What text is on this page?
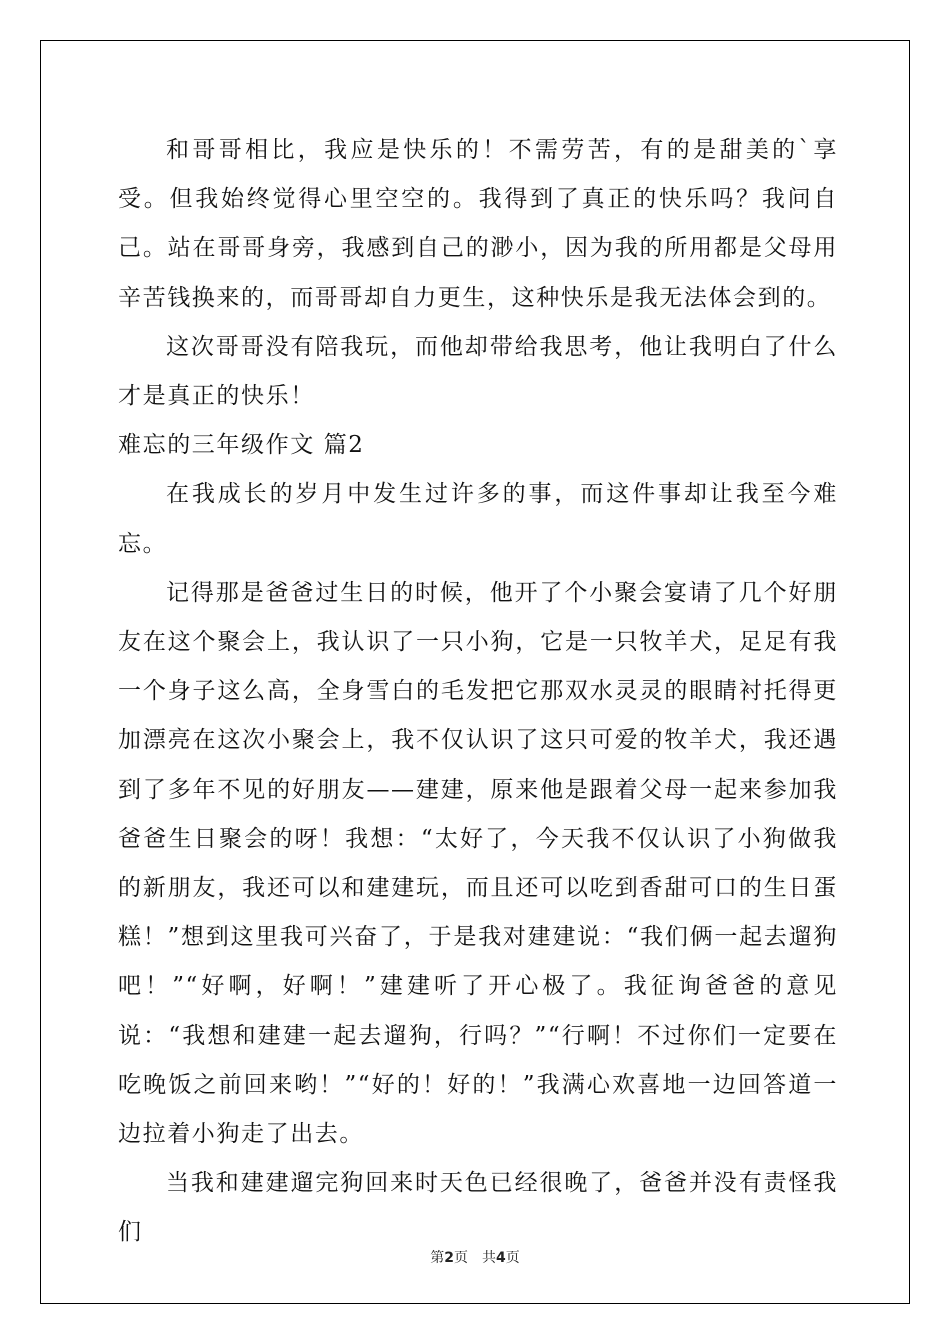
和哥哥相比，我应是快乐的！不需劳苦，有的是甜美的`享受。但我始终觉得心里空空的。我得到了真正的快乐吗？我问自己。站在哥哥身旁，我感到自己的渺小，因为我的所用都是父母用辛苦钱换来的，而哥哥却自力更生，这种快乐是我无法体会到的。

这次哥哥没有陪我玩，而他却带给我思考，他让我明白了什么才是真正的快乐！

难忘的三年级作文 篇2

在我成长的岁月中发生过许多的事，而这件事却让我至今难忘。

记得那是爸爸过生日的时候，他开了个小聚会宴请了几个好朋友在这个聚会上，我认识了一只小狗，它是一只牧羊犬，足足有我一个身子这么高，全身雪白的毛发把它那双水灵灵的眼睛衬托得更加漂亮在这次小聚会上，我不仅认识了这只可爱的牧羊犬，我还遇到了多年不见的好朋友——建建，原来他是跟着父母一起来参加我爸爸生日聚会的呀！我想：“太好了，今天我不仅认识了小狗做我的新朋友，我还可以和建建玩，而且还可以吃到香甜可口的生日蛋糕！”想到这里我可兴奋了，于是我对建建说：“我们俩一起去遛狗吧！”“好啊，好啊！”建建听了开心极了。我征询爸爸的意见说：“我想和建建一起去遛狗，行吗？”“行啊！不过你们一定要在吃晚饭之前回来哟！”“好的！好的！”我满心欢喜地一边回答道一边拉着小狗走了出去。

当我和建建遛完狗回来时天色已经很晚了，爸爸并没有责怪我们

第2页　共4页
